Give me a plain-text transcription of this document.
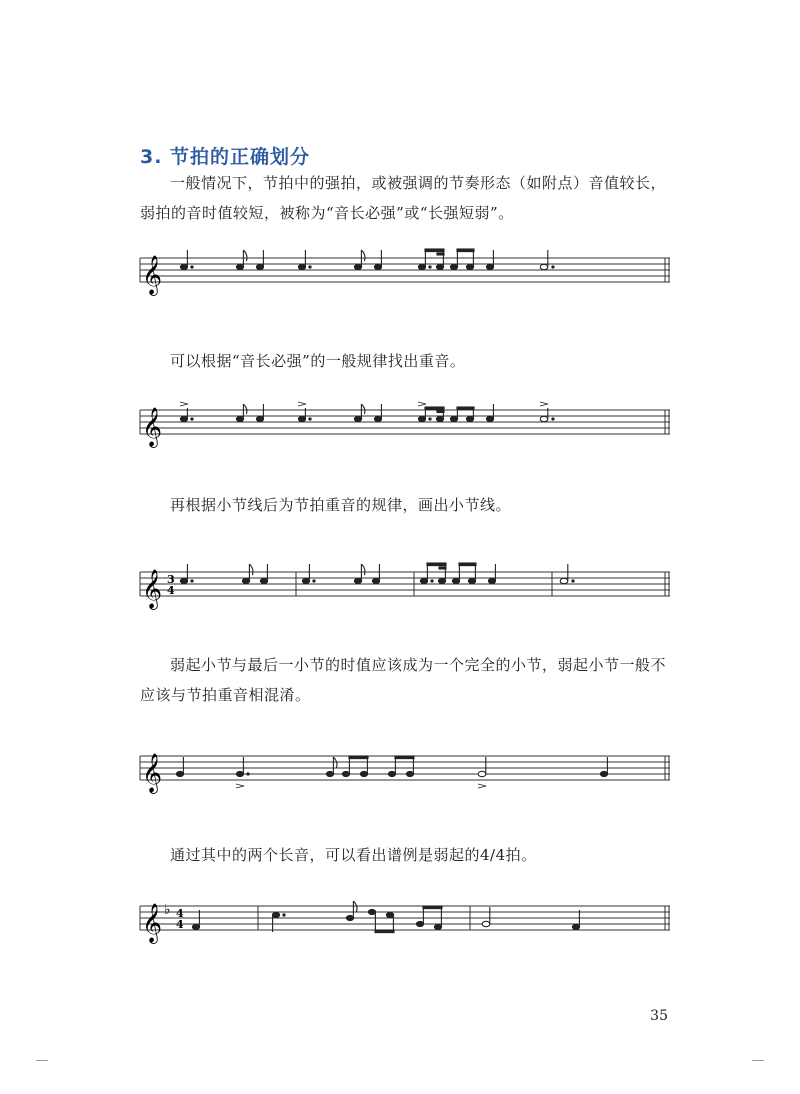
3. 节拍的正确划分
一般情况下，节拍中的强拍，或被强调的节奏形态（如附点）音值较长，弱拍的音时值较短，被称为“音长必强”或“长强短弱”。
𝄞
可以根据“音长必强”的一般规律找出重音。
𝄞
再根据小节线后为节拍重音的规律，画出小节线。
𝄞 3
4
弱起小节与最后一小节的时值应该成为一个完全的小节，弱起小节一般不应该与节拍重音相混淆。
𝄞
通过其中的两个长音，可以看出谱例是弱起的4/4拍。
𝄞 ♭ 4
4
35
